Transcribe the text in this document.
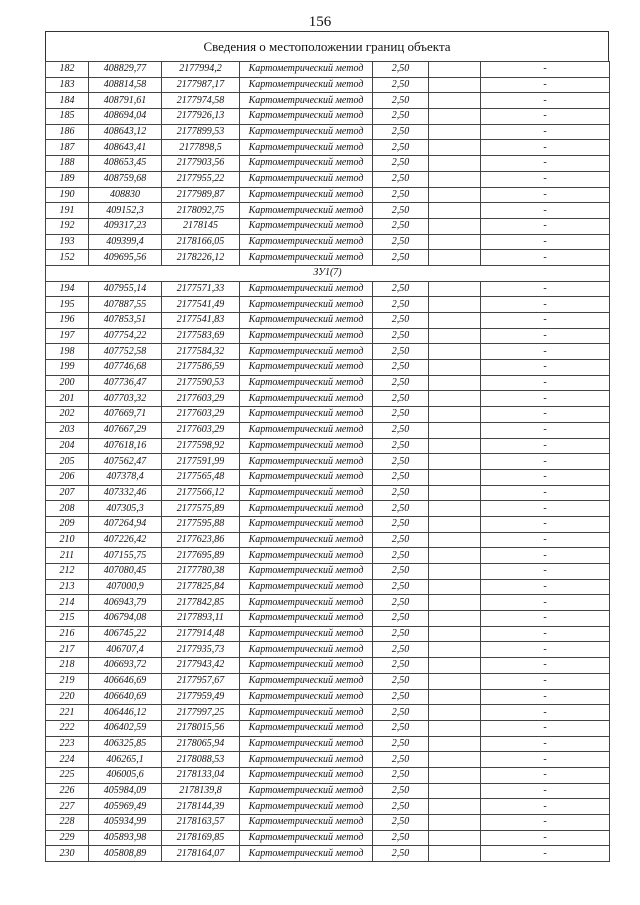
156
Сведения о местоположении границ объекта
182	408829,77	2177994,2	Картометрический метод	2,50		-
183	408814,58	2177987,17	Картометрический метод	2,50		-
184	408791,61	2177974,58	Картометрический метод	2,50		-
185	408694,04	2177926,13	Картометрический метод	2,50		-
186	408643,12	2177899,53	Картометрический метод	2,50		-
187	408643,41	2177898,5	Картометрический метод	2,50		-
188	408653,45	2177903,56	Картометрический метод	2,50		-
189	408759,68	2177955,22	Картометрический метод	2,50		-
190	408830	2177989,87	Картометрический метод	2,50		-
191	409152,3	2178092,75	Картометрический метод	2,50		-
192	409317,23	2178145	Картометрический метод	2,50		-
193	409399,4	2178166,05	Картометрический метод	2,50		-
152	409695,56	2178226,12	Картометрический метод	2,50		-
ЗУ1(7)						
194	407955,14	2177571,33	Картометрический метод	2,50		-
195	407887,55	2177541,49	Картометрический метод	2,50		-
196	407853,51	2177541,83	Картометрический метод	2,50		-
197	407754,22	2177583,69	Картометрический метод	2,50		-
198	407752,58	2177584,32	Картометрический метод	2,50		-
199	407746,68	2177586,59	Картометрический метод	2,50		-
200	407736,47	2177590,53	Картометрический метод	2,50		-
201	407703,32	2177603,29	Картометрический метод	2,50		-
202	407669,71	2177603,29	Картометрический метод	2,50		-
203	407667,29	2177603,29	Картометрический метод	2,50		-
204	407618,16	2177598,92	Картометрический метод	2,50		-
205	407562,47	2177591,99	Картометрический метод	2,50		-
206	407378,4	2177565,48	Картометрический метод	2,50		-
207	407332,46	2177566,12	Картометрический метод	2,50		-
208	407305,3	2177575,89	Картометрический метод	2,50		-
209	407264,94	2177595,88	Картометрический метод	2,50		-
210	407226,42	2177623,86	Картометрический метод	2,50		-
211	407155,75	2177695,89	Картометрический метод	2,50		-
212	407080,45	2177780,38	Картометрический метод	2,50		-
213	407000,9	2177825,84	Картометрический метод	2,50		-
214	406943,79	2177842,85	Картометрический метод	2,50		-
215	406794,08	2177893,11	Картометрический метод	2,50		-
216	406745,22	2177914,48	Картометрический метод	2,50		-
217	406707,4	2177935,73	Картометрический метод	2,50		-
218	406693,72	2177943,42	Картометрический метод	2,50		-
219	406646,69	2177957,67	Картометрический метод	2,50		-
220	406640,69	2177959,49	Картометрический метод	2,50		-
221	406446,12	2177997,25	Картометрический метод	2,50		-
222	406402,59	2178015,56	Картометрический метод	2,50		-
223	406325,85	2178065,94	Картометрический метод	2,50		-
224	406265,1	2178088,53	Картометрический метод	2,50		-
225	406005,6	2178133,04	Картометрический метод	2,50		-
226	405984,09	2178139,8	Картометрический метод	2,50		-
227	405969,49	2178144,39	Картометрический метод	2,50		-
228	405934,99	2178163,57	Картометрический метод	2,50		-
229	405893,98	2178169,85	Картометрический метод	2,50		-
230	405808,89	2178164,07	Картометрический метод	2,50		-
